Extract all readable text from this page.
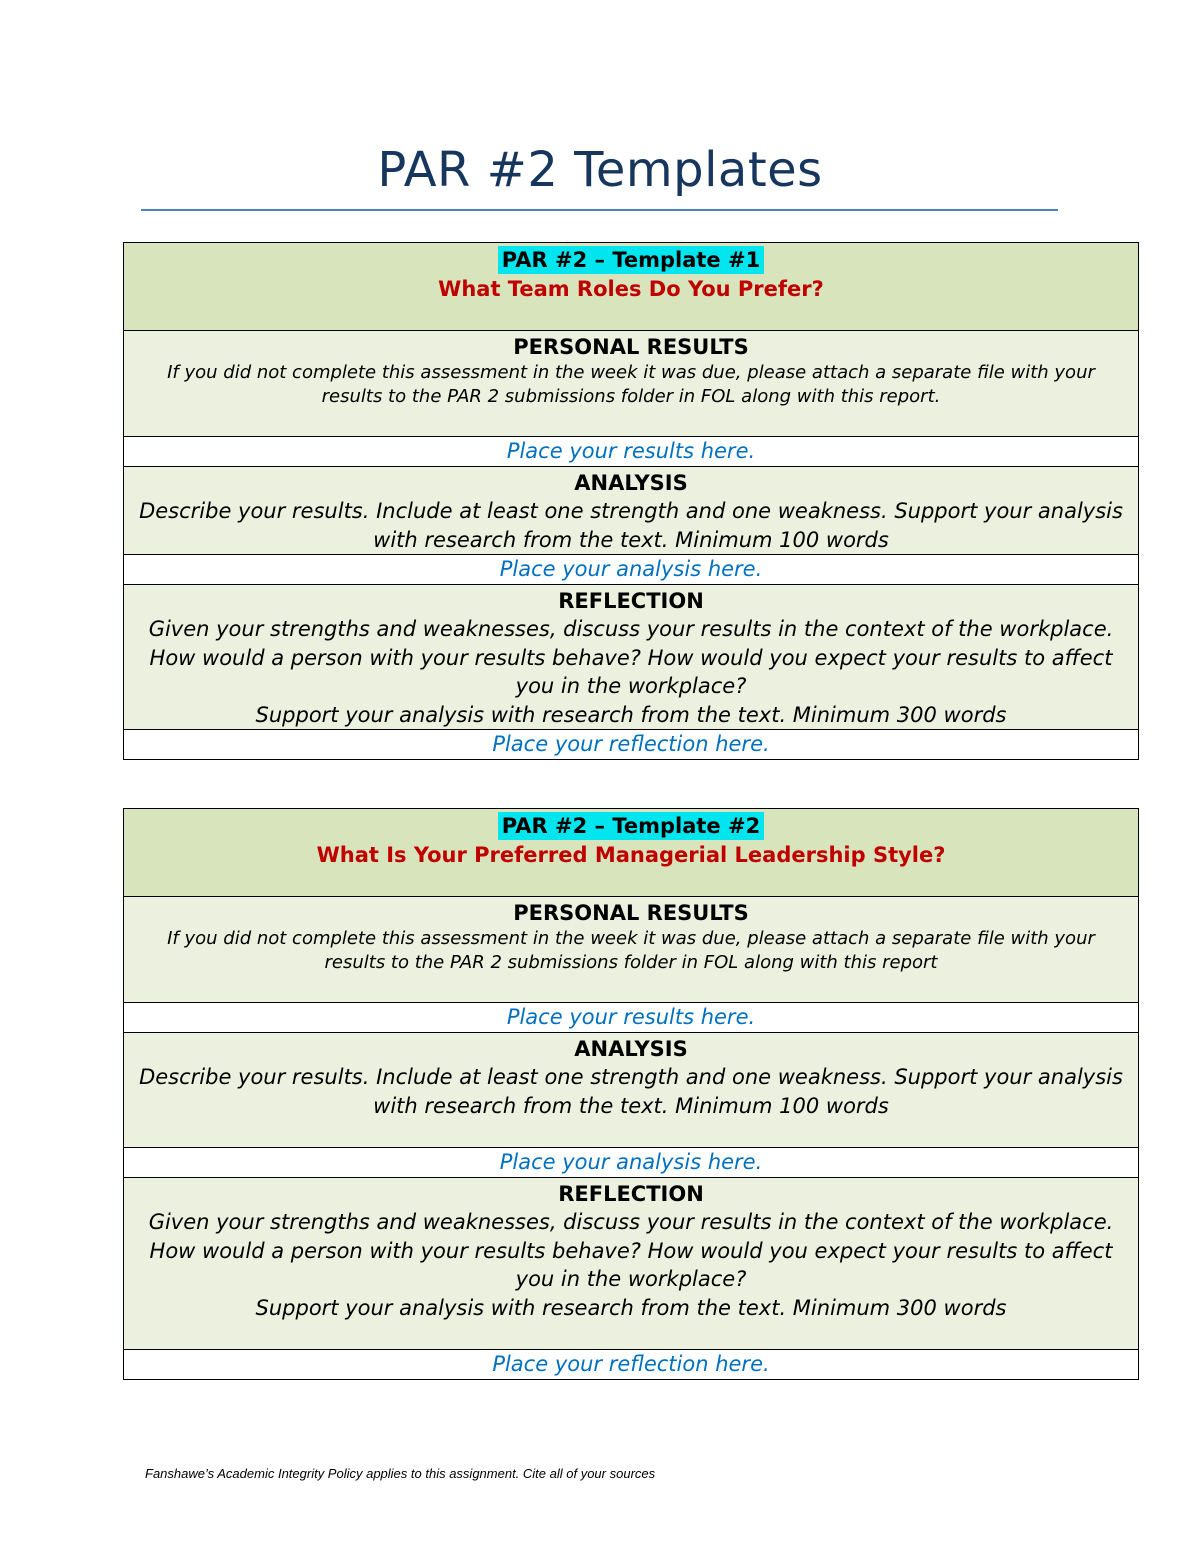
PAR #2 Templates
PAR #2 – Template #1
What Team Roles Do You Prefer?

PERSONAL RESULTS
If you did not complete this assessment in the week it was due, please attach a separate file with your results to the PAR 2 submissions folder in FOL along with this report.

Place your results here.

ANALYSIS
Describe your results. Include at least one strength and one weakness. Support your analysis with research from the text. Minimum 100 words

Place your analysis here.

REFLECTION
Given your strengths and weaknesses, discuss your results in the context of the workplace. How would a person with your results behave? How would you expect your results to affect you in the workplace?
Support your analysis with research from the text. Minimum 300 words

Place your reflection here.
PAR #2 – Template #2
What Is Your Preferred Managerial Leadership Style?

PERSONAL RESULTS
If you did not complete this assessment in the week it was due, please attach a separate file with your results to the PAR 2 submissions folder in FOL along with this report

Place your results here.

ANALYSIS
Describe your results. Include at least one strength and one weakness. Support your analysis with research from the text. Minimum 100 words

Place your analysis here.

REFLECTION
Given your strengths and weaknesses, discuss your results in the context of the workplace. How would a person with your results behave? How would you expect your results to affect you in the workplace?
Support your analysis with research from the text. Minimum 300 words

Place your reflection here.
Fanshawe’s Academic Integrity Policy applies to this assignment. Cite all of your sources
